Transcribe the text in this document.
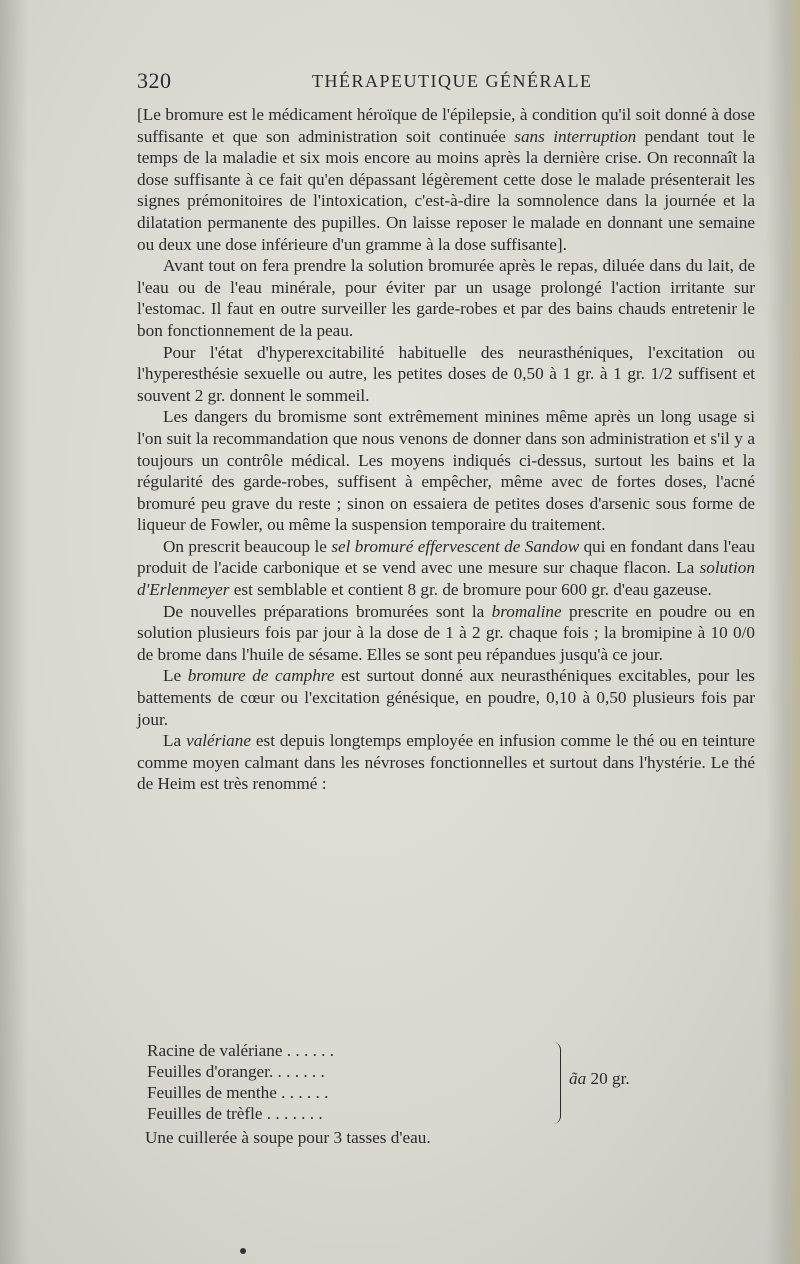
320	THÉRAPEUTIQUE GÉNÉRALE

[Le bromure est le médicament héroïque de l'épilepsie, à condition qu'il soit donné à dose suffisante et que son administration soit continuée sans interruption pendant tout le temps de la maladie et six mois encore au moins après la dernière crise. On reconnaît la dose suffisante à ce fait qu'en dépassant légèrement cette dose le malade présenterait les signes prémonitoires de l'intoxication, c'est-à-dire la somnolence dans la journée et la dilatation permanente des pupilles. On laisse reposer le malade en donnant une semaine ou deux une dose inférieure d'un gramme à la dose suffisante].

Avant tout on fera prendre la solution bromurée après le repas, diluée dans du lait, de l'eau ou de l'eau minérale, pour éviter par un usage prolongé l'action irritante sur l'estomac. Il faut en outre surveiller les garde-robes et par des bains chauds entretenir le bon fonctionnement de la peau.

Pour l'état d'hyperexcitabilité habituelle des neurasthéniques, l'excitation ou l'hyperesthésie sexuelle ou autre, les petites doses de 0,50 à 1 gr. à 1 gr. 1/2 suffisent et souvent 2 gr. donnent le sommeil.

Les dangers du bromisme sont extrêmement minines même après un long usage si l'on suit la recommandation que nous venons de donner dans son administration et s'il y a toujours un contrôle médical. Les moyens indiqués ci-dessus, surtout les bains et la régularité des garde-robes, suffisent à empêcher, même avec de fortes doses, l'acné bromuré peu grave du reste ; sinon on essaiera de petites doses d'arsenic sous forme de liqueur de Fowler, ou même la suspension temporaire du traitement.

On prescrit beaucoup le sel bromuré effervescent de Sandow qui en fondant dans l'eau produit de l'acide carbonique et se vend avec une mesure sur chaque flacon. La solution d'Erlenmeyer est semblable et contient 8 gr. de bromure pour 600 gr. d'eau gazeuse.

De nouvelles préparations bromurées sont la bromaline prescrite en poudre ou en solution plusieurs fois par jour à la dose de 1 à 2 gr. chaque fois ; la bromipine à 10 0/0 de brome dans l'huile de sésame. Elles se sont peu répandues jusqu'à ce jour.

Le bromure de camphre est surtout donné aux neurasthéniques excitables, pour les battements de cœur ou l'excitation génésique, en poudre, 0,10 à 0,50 plusieurs fois par jour.

La valériane est depuis longtemps employée en infusion comme le thé ou en teinture comme moyen calmant dans les névroses fonctionnelles et surtout dans l'hystérie. Le thé de Heim est très renommé :

Racine de valériane . . . . . .
Feuilles d'oranger. . . . . . .
Feuilles de menthe . . . . . .
Feuilles de trèfle . . . . . . .
ãa 20 gr.
Une cuillerée à soupe pour 3 tasses d'eau.
